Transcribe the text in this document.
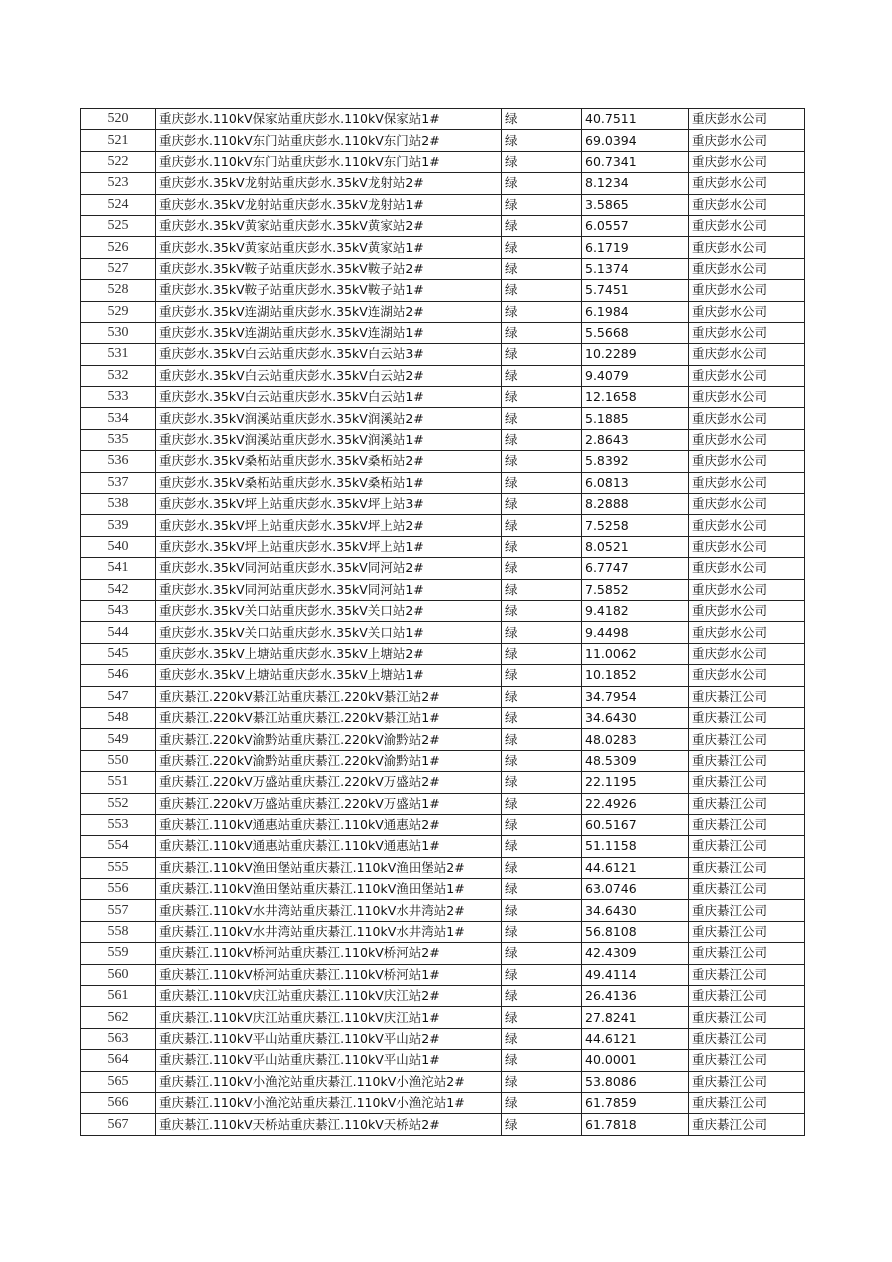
520	重庆彭水.110kV保家站重庆彭水.110kV保家站1#	绿	40.7511	重庆彭水公司
521	重庆彭水.110kV东门站重庆彭水.110kV东门站2#	绿	69.0394	重庆彭水公司
522	重庆彭水.110kV东门站重庆彭水.110kV东门站1#	绿	60.7341	重庆彭水公司
523	重庆彭水.35kV龙射站重庆彭水.35kV龙射站2#	绿	8.1234	重庆彭水公司
524	重庆彭水.35kV龙射站重庆彭水.35kV龙射站1#	绿	3.5865	重庆彭水公司
525	重庆彭水.35kV黄家站重庆彭水.35kV黄家站2#	绿	6.0557	重庆彭水公司
526	重庆彭水.35kV黄家站重庆彭水.35kV黄家站1#	绿	6.1719	重庆彭水公司
527	重庆彭水.35kV鞍子站重庆彭水.35kV鞍子站2#	绿	5.1374	重庆彭水公司
528	重庆彭水.35kV鞍子站重庆彭水.35kV鞍子站1#	绿	5.7451	重庆彭水公司
529	重庆彭水.35kV连湖站重庆彭水.35kV连湖站2#	绿	6.1984	重庆彭水公司
530	重庆彭水.35kV连湖站重庆彭水.35kV连湖站1#	绿	5.5668	重庆彭水公司
531	重庆彭水.35kV白云站重庆彭水.35kV白云站3#	绿	10.2289	重庆彭水公司
532	重庆彭水.35kV白云站重庆彭水.35kV白云站2#	绿	9.4079	重庆彭水公司
533	重庆彭水.35kV白云站重庆彭水.35kV白云站1#	绿	12.1658	重庆彭水公司
534	重庆彭水.35kV润溪站重庆彭水.35kV润溪站2#	绿	5.1885	重庆彭水公司
535	重庆彭水.35kV润溪站重庆彭水.35kV润溪站1#	绿	2.8643	重庆彭水公司
536	重庆彭水.35kV桑柘站重庆彭水.35kV桑柘站2#	绿	5.8392	重庆彭水公司
537	重庆彭水.35kV桑柘站重庆彭水.35kV桑柘站1#	绿	6.0813	重庆彭水公司
538	重庆彭水.35kV坪上站重庆彭水.35kV坪上站3#	绿	8.2888	重庆彭水公司
539	重庆彭水.35kV坪上站重庆彭水.35kV坪上站2#	绿	7.5258	重庆彭水公司
540	重庆彭水.35kV坪上站重庆彭水.35kV坪上站1#	绿	8.0521	重庆彭水公司
541	重庆彭水.35kV同河站重庆彭水.35kV同河站2#	绿	6.7747	重庆彭水公司
542	重庆彭水.35kV同河站重庆彭水.35kV同河站1#	绿	7.5852	重庆彭水公司
543	重庆彭水.35kV关口站重庆彭水.35kV关口站2#	绿	9.4182	重庆彭水公司
544	重庆彭水.35kV关口站重庆彭水.35kV关口站1#	绿	9.4498	重庆彭水公司
545	重庆彭水.35kV上塘站重庆彭水.35kV上塘站2#	绿	11.0062	重庆彭水公司
546	重庆彭水.35kV上塘站重庆彭水.35kV上塘站1#	绿	10.1852	重庆彭水公司
547	重庆綦江.220kV綦江站重庆綦江.220kV綦江站2#	绿	34.7954	重庆綦江公司
548	重庆綦江.220kV綦江站重庆綦江.220kV綦江站1#	绿	34.6430	重庆綦江公司
549	重庆綦江.220kV渝黔站重庆綦江.220kV渝黔站2#	绿	48.0283	重庆綦江公司
550	重庆綦江.220kV渝黔站重庆綦江.220kV渝黔站1#	绿	48.5309	重庆綦江公司
551	重庆綦江.220kV万盛站重庆綦江.220kV万盛站2#	绿	22.1195	重庆綦江公司
552	重庆綦江.220kV万盛站重庆綦江.220kV万盛站1#	绿	22.4926	重庆綦江公司
553	重庆綦江.110kV通惠站重庆綦江.110kV通惠站2#	绿	60.5167	重庆綦江公司
554	重庆綦江.110kV通惠站重庆綦江.110kV通惠站1#	绿	51.1158	重庆綦江公司
555	重庆綦江.110kV渔田堡站重庆綦江.110kV渔田堡站2#	绿	44.6121	重庆綦江公司
556	重庆綦江.110kV渔田堡站重庆綦江.110kV渔田堡站1#	绿	63.0746	重庆綦江公司
557	重庆綦江.110kV水井湾站重庆綦江.110kV水井湾站2#	绿	34.6430	重庆綦江公司
558	重庆綦江.110kV水井湾站重庆綦江.110kV水井湾站1#	绿	56.8108	重庆綦江公司
559	重庆綦江.110kV桥河站重庆綦江.110kV桥河站2#	绿	42.4309	重庆綦江公司
560	重庆綦江.110kV桥河站重庆綦江.110kV桥河站1#	绿	49.4114	重庆綦江公司
561	重庆綦江.110kV庆江站重庆綦江.110kV庆江站2#	绿	26.4136	重庆綦江公司
562	重庆綦江.110kV庆江站重庆綦江.110kV庆江站1#	绿	27.8241	重庆綦江公司
563	重庆綦江.110kV平山站重庆綦江.110kV平山站2#	绿	44.6121	重庆綦江公司
564	重庆綦江.110kV平山站重庆綦江.110kV平山站1#	绿	40.0001	重庆綦江公司
565	重庆綦江.110kV小渔沱站重庆綦江.110kV小渔沱站2#	绿	53.8086	重庆綦江公司
566	重庆綦江.110kV小渔沱站重庆綦江.110kV小渔沱站1#	绿	61.7859	重庆綦江公司
567	重庆綦江.110kV天桥站重庆綦江.110kV天桥站2#	绿	61.7818	重庆綦江公司
